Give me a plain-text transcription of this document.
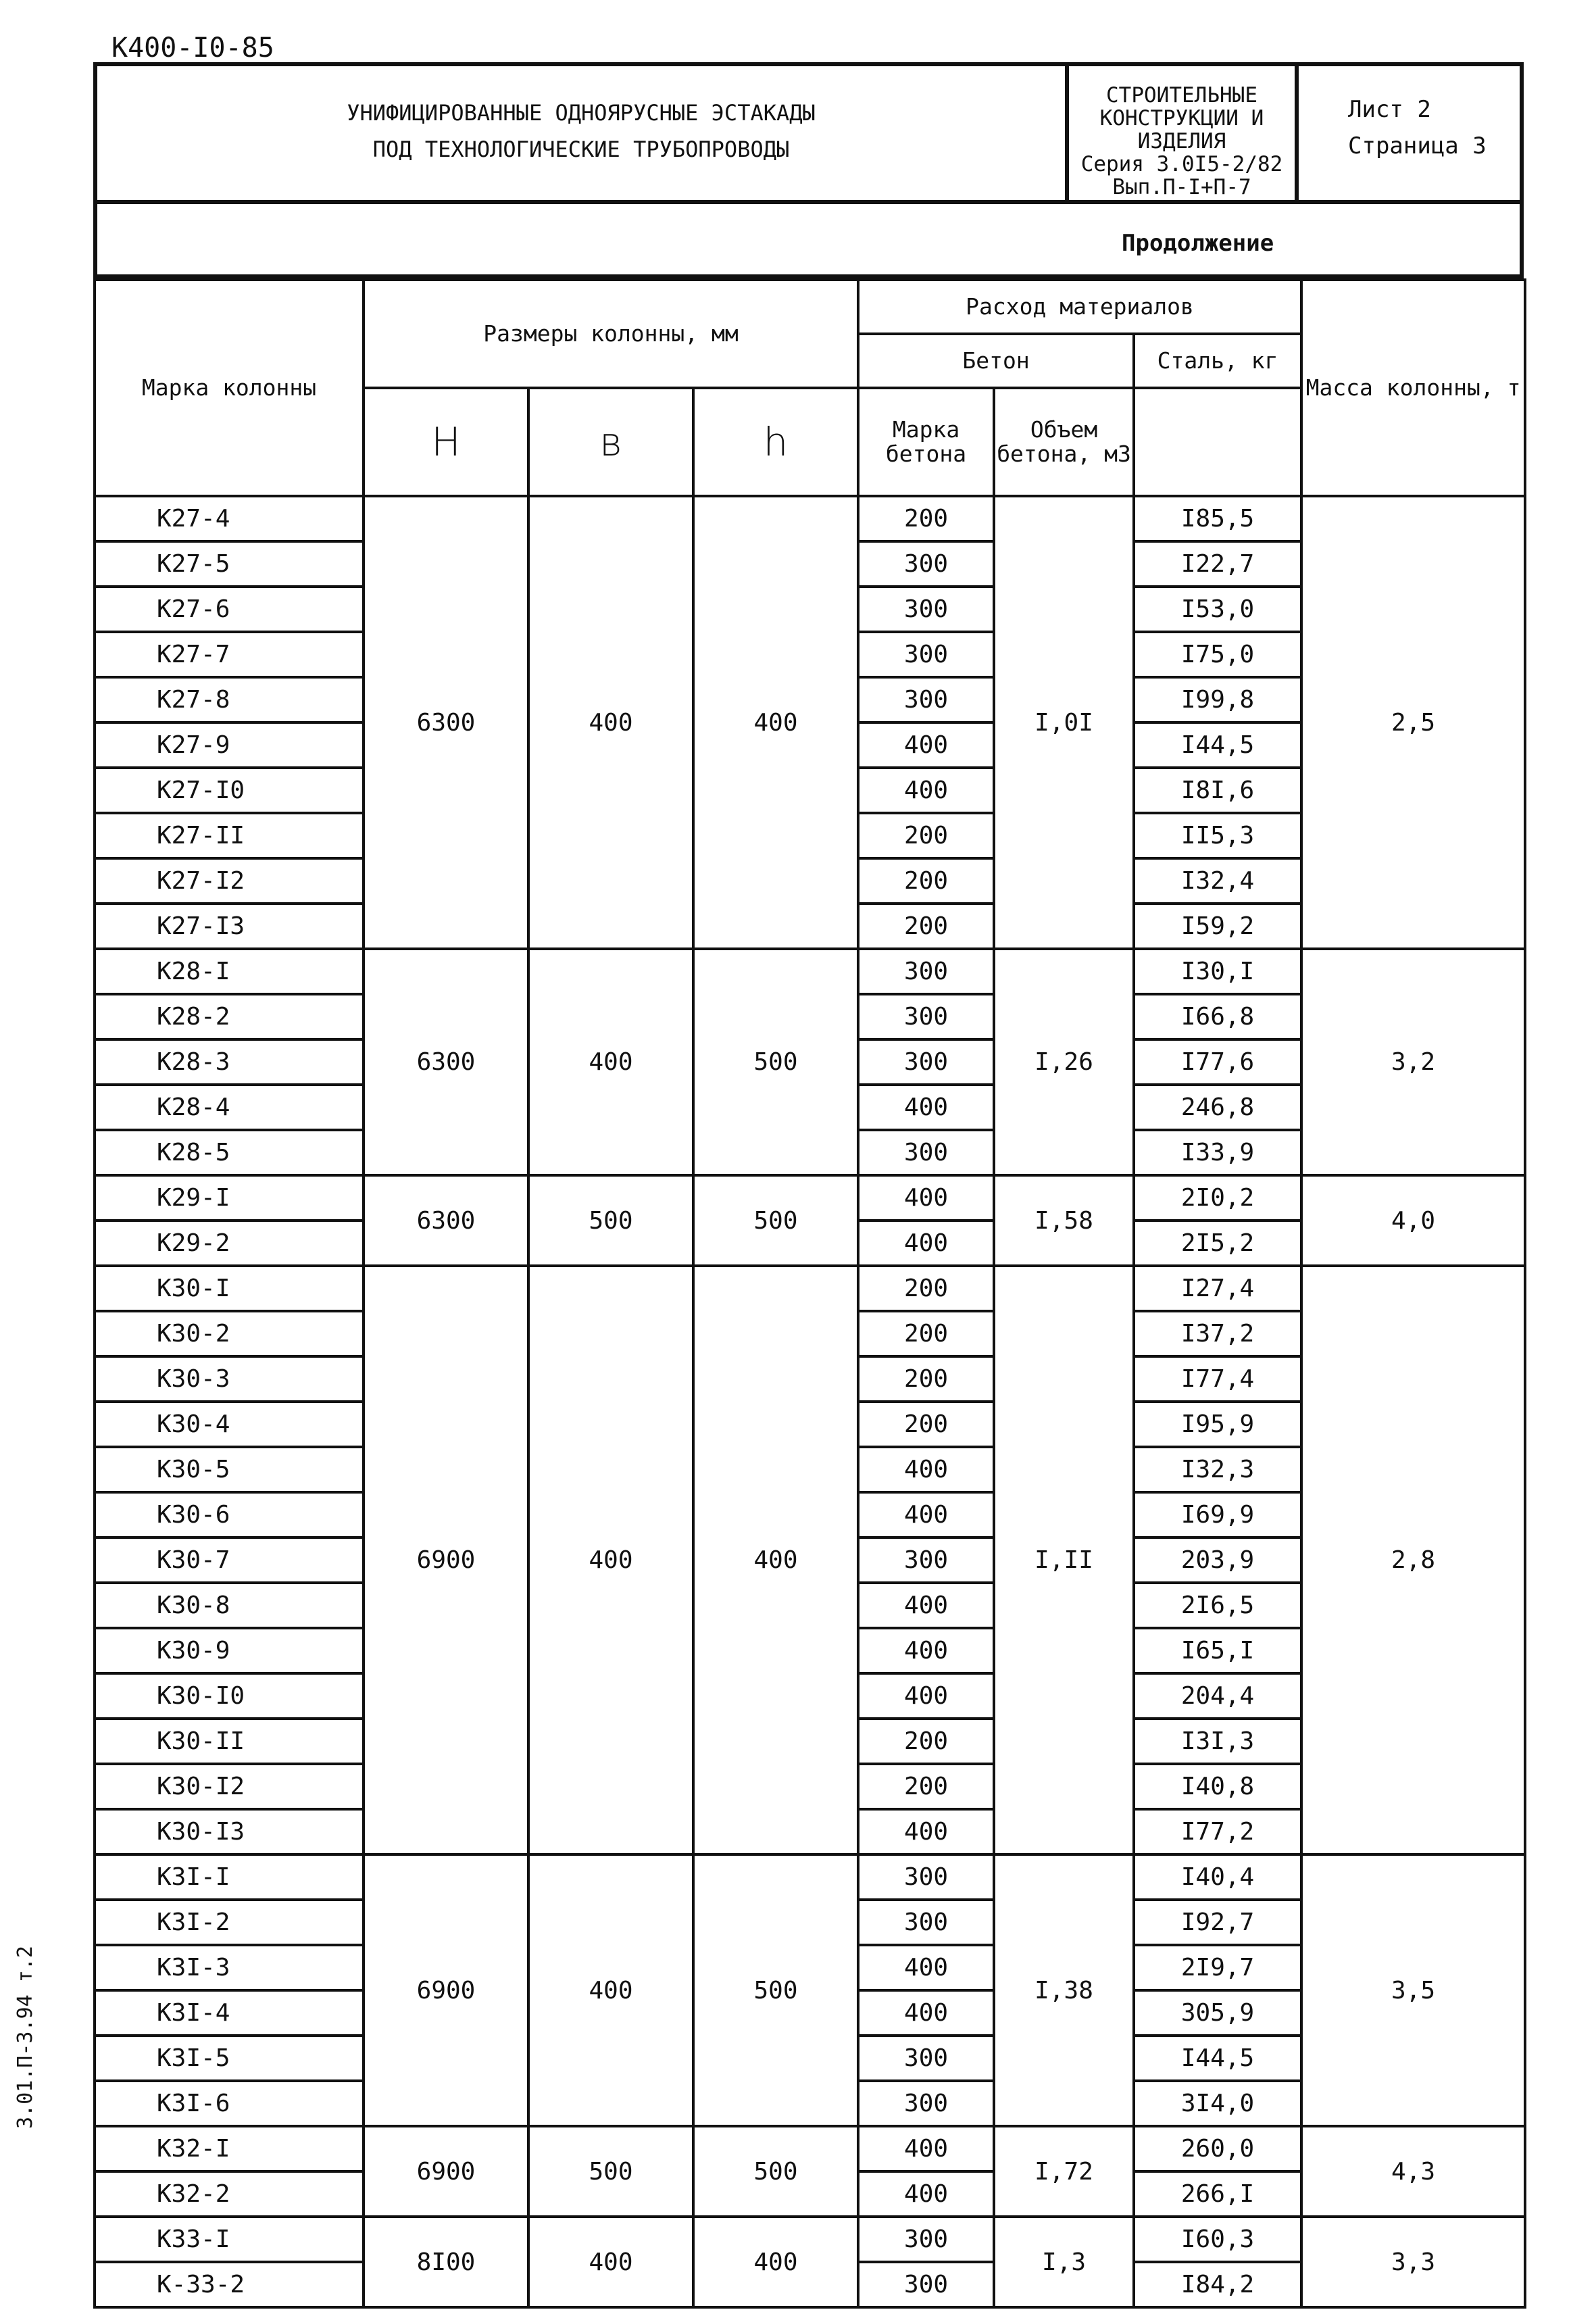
К400-I0-85
3.01.П-3.94 т.2
УНИФИЦИРОВАННЫЕ ОДНОЯРУСНЫЕ ЭСТАКАДЫ
ПОД ТЕХНОЛОГИЧЕСКИЕ ТРУБОПРОВОДЫ
СТРОИТЕЛЬНЫЕ
КОНСТРУКЦИИ И
ИЗДЕЛИЯ
Серия 3.0I5-2/82
Вып.П-I+П-7
Лист 2
Страница 3
Продолжение
Марка колонны	Размеры колонны, мм			Расход материалов			Масса колонны, т
				Бетон		Сталь, кг	
	H	в	h	Марка бетона	Объем бетона, м3		
К27-4	6300	400	400	200	I,0I	I85,5	2,5
К27-5				300		I22,7	
К27-6				300		I53,0	
К27-7				300		I75,0	
К27-8				300		I99,8	
К27-9				400		I44,5	
К27-I0				400		I8I,6	
К27-II				200		II5,3	
К27-I2				200		I32,4	
К27-I3				200		I59,2	
К28-I	6300	400	500	300	I,26	I30,I	3,2
К28-2				300		I66,8	
К28-3				300		I77,6	
К28-4				400		246,8	
К28-5				300		I33,9	
К29-I	6300	500	500	400	I,58	2I0,2	4,0
К29-2				400		2I5,2	
К30-I	6900	400	400	200	I,II	I27,4	2,8
К30-2				200		I37,2	
К30-3				200		I77,4	
К30-4				200		I95,9	
К30-5				400		I32,3	
К30-6				400		I69,9	
К30-7				300		203,9	
К30-8				400		2I6,5	
К30-9				400		I65,I	
К30-I0				400		204,4	
К30-II				200		I3I,3	
К30-I2				200		I40,8	
К30-I3				400		I77,2	
К3I-I	6900	400	500	300	I,38	I40,4	3,5
К3I-2				300		I92,7	
К3I-3				400		2I9,7	
К3I-4				400		305,9	
К3I-5				300		I44,5	
К3I-6				300		3I4,0	
К32-I	6900	500	500	400	I,72	260,0	4,3
К32-2				400		266,I	
К33-I	8I00	400	400	300	I,3	I60,3	3,3
К-33-2				300		I84,2	
